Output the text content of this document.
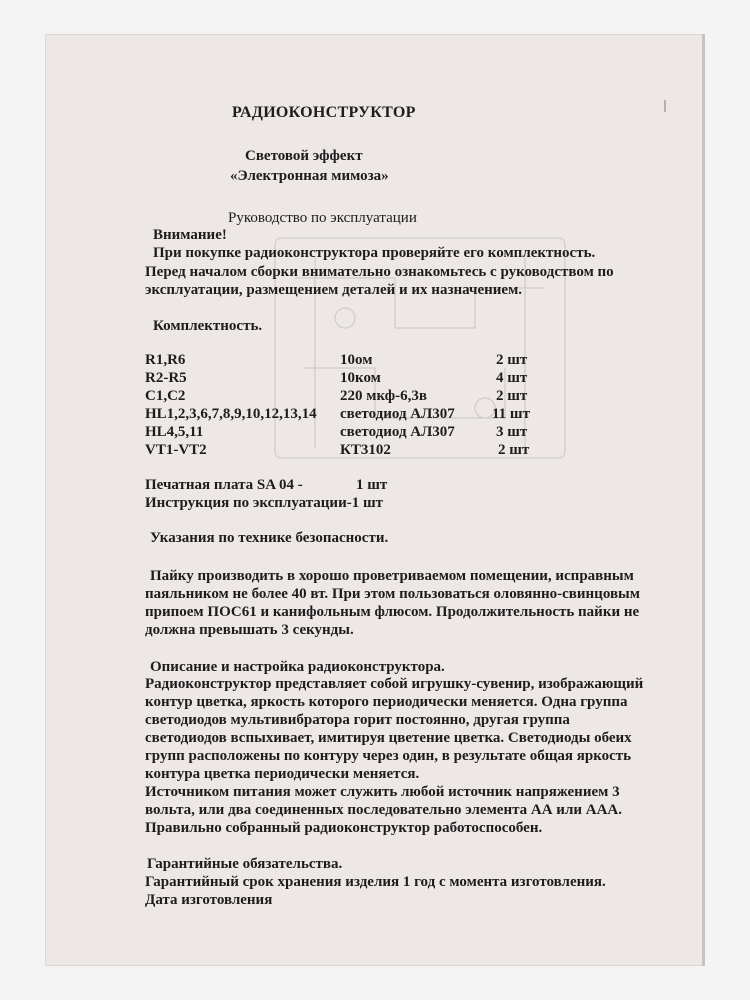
РАДИОКОНСТРУКТОР
Световой эффект
«Электронная мимоза»
Руководство по эксплуатации
Внимание!
При покупке радиоконструктора проверяйте его комплектность.
Перед началом сборки внимательно ознакомьтесь с руководством по
эксплуатации, размещением деталей и их назначением.
Комплектность.
R1,R6	10ом	2 шт
R2-R5	10ком	4 шт
C1,C2	220 мкф-6,3в	2 шт
HL1,2,3,6,7,8,9,10,12,13,14 светодиод АЛ307 11 шт
HL4,5,11	светодиод АЛ307	3 шт
VT1-VT2	КТ3102	2 шт
Печатная плата SA 04 -	1 шт
Инструкция по эксплуатации-1 шт
Указания по технике безопасности.
Пайку производить в хорошо проветриваемом помещении, исправным
паяльником не более 40 вт. При этом пользоваться оловянно-свинцовым
припоем ПОС61 и канифольным флюсом. Продолжительность пайки не
должна превышать 3 секунды.
Описание и настройка радиоконструктора.
Радиоконструктор представляет собой игрушку-сувенир, изображающий
контур цветка, яркость которого периодически меняется. Одна группа
светодиодов мультивибратора горит постоянно, другая группа
светодиодов вспыхивает, имитируя цветение цветка. Светодиоды обеих
групп расположены по контуру через один, в результате общая яркость
контура цветка периодически меняется.
Источником питания может служить любой источник напряжением 3
вольта, или два соединенных последовательно элемента АА или ААА.
Правильно собранный радиоконструктор работоспособен.
Гарантийные обязательства.
Гарантийный срок хранения изделия 1 год с момента изготовления.
Дата изготовления
